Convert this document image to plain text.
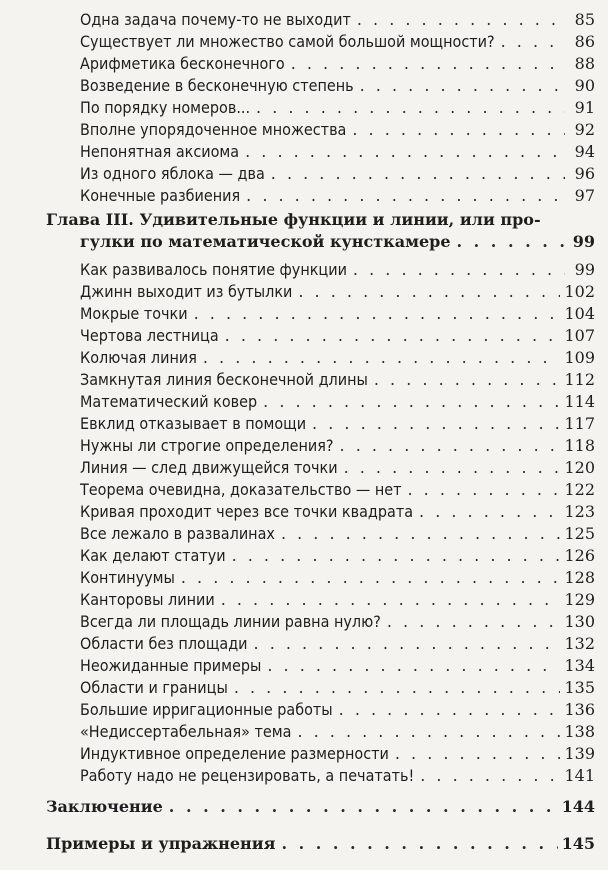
Одна задача почему-то не выходит . . .	85
Существует ли множество самой большой мощности? . . .	86
Арифметика бесконечного . . .	88
Возведение в бесконечную степень . . .	90
По порядку номеров... . . .	91
Вполне упорядоченное множества . . .	92
Непонятная аксиома . . .	94
Из одного яблока — два . . .	96
Конечные разбиения . . .	97
Глава III. Удивительные функции и линии, или про-
гулки по математической кунсткамере . . .	99
Как развивалось понятие функции . . .	99
Джинн выходит из бутылки . . .	102
Мокрые точки . . .	104
Чертова лестница . . .	107
Колючая линия . . .	109
Замкнутая линия бесконечной длины . . .	112
Математический ковер . . .	114
Евклид отказывает в помощи . . .	117
Нужны ли строгие определения? . . .	118
Линия — след движущейся точки . . .	120
Теорема очевидна, доказательство — нет . . .	122
Кривая проходит через все точки квадрата . . .	123
Все лежало в развалинах . . .	125
Как делают статуи . . .	126
Континуумы . . .	128
Канторовы линии . . .	129
Всегда ли площадь линии равна нулю? . . .	130
Области без площади . . .	132
Неожиданные примеры . . .	134
Области и границы . . .	135
Большие ирригационные работы . . .	136
«Недиссертабельная» тема . . .	138
Индуктивное определение размерности . . .	139
Работу надо не рецензировать, а печатать! . . .	141
Заключение . . .	144
Примеры и упражнения . . .	145
